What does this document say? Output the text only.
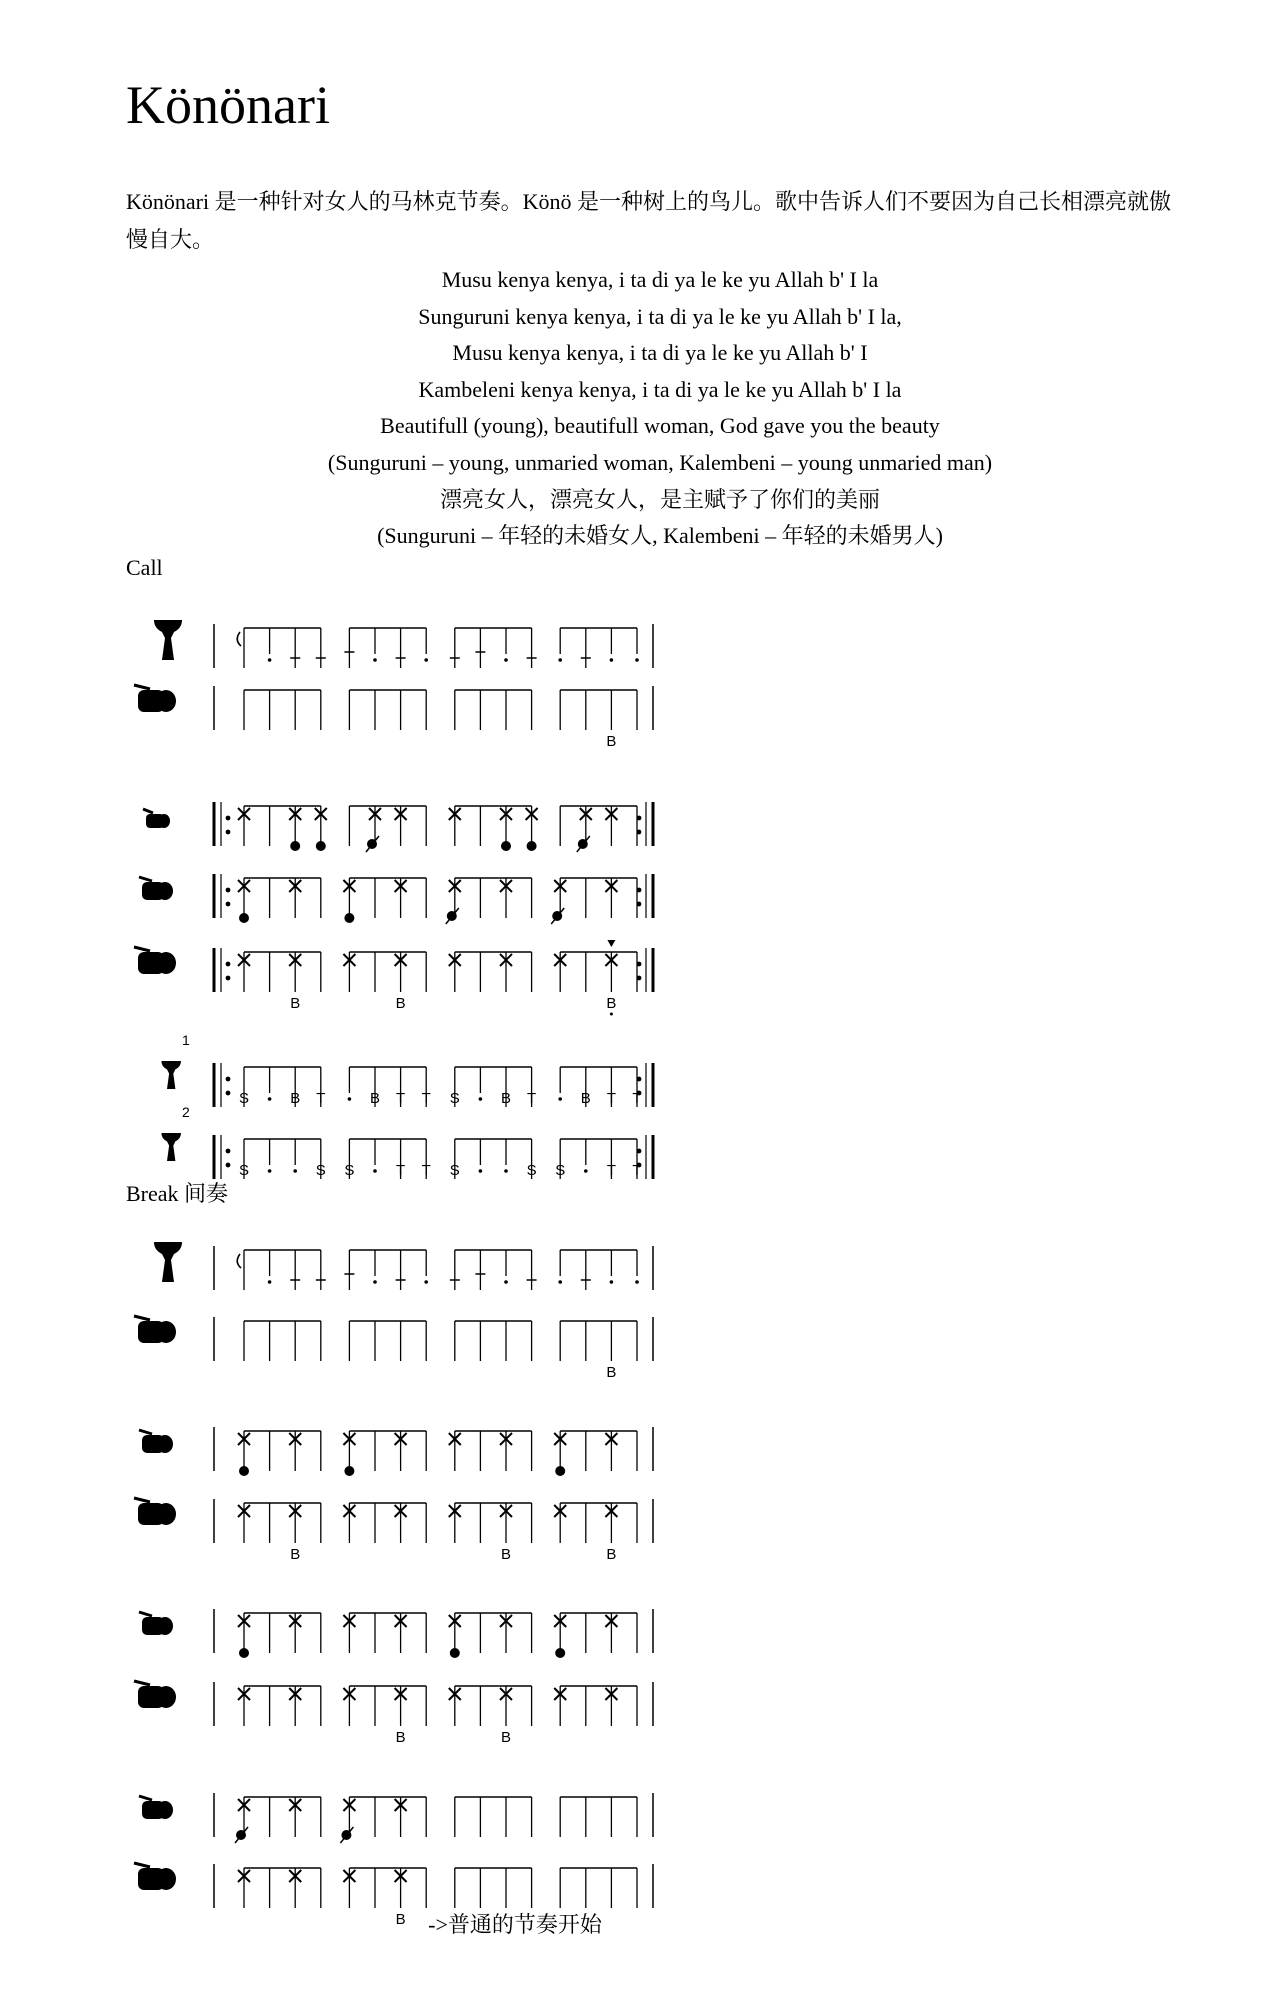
Könönari
Könönari 是一种针对女人的马林克节奏。Könö 是一种树上的鸟儿。歌中告诉人们不要因为自己长相漂亮就傲慢自大。
Musu kenya kenya, i ta di ya le ke yu Allah b' I la
Sunguruni kenya kenya, i ta di ya le ke yu Allah b' I la,
Musu kenya kenya, i ta di ya le ke yu Allah b' I
Kambeleni kenya kenya, i ta di ya le ke yu Allah b' I la
Beautifull (young), beautifull woman, God gave you the beauty
(Sunguruni – young, unmaried woman, Kalembeni – young unmaried man)
漂亮女人，漂亮女人，是主赋予了你们的美丽
(Sunguruni – 年轻的未婚女人, Kalembeni – 年轻的未婚男人)
Call
Break 间奏
B
B	B	B
1
S	B T	B T T S	B T	B T T
2
S	S S	T T S	S S	T T
B
B	B	B
B	B
B	->普通的节奏开始
